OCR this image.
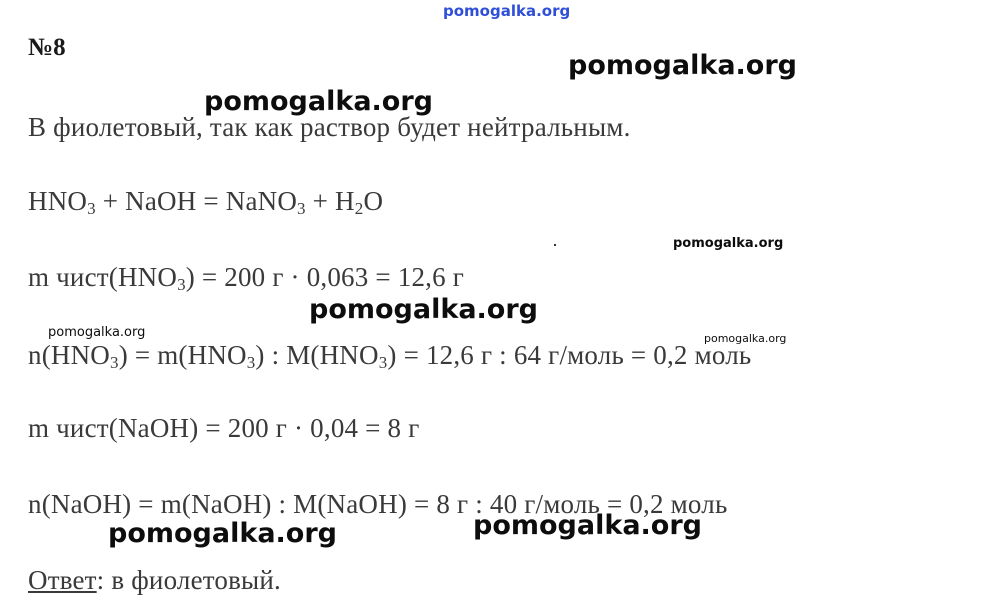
pomogalka.org
№8
В фиолетовый, так как раствор будет нейтральным.
$HNO_3$ + NaOH = NaNO$_3$ + $H_2O$
m $чист(HNO_3) = 200$ г · 0,063 = 12,6 г
$n(HNO_3) = m(HNO_3)$ : $M(HNO_3) = 12,6$ г : 64 г/моль = 0,2 моль
m чист(NaOH) = 200 г · 0,04 = 8 г
n(NaOH) = m(NaOH) : M(NaOH) = 8 г : 40 г/моль = 0,2 моль
Ответ: в фиолетовый.
pomogalka.org
pomogalka.org
pomogalka.org
pomogalka.org
pomogalka.org	pomogalka.org
pomogalka.org
pomogalka.org
